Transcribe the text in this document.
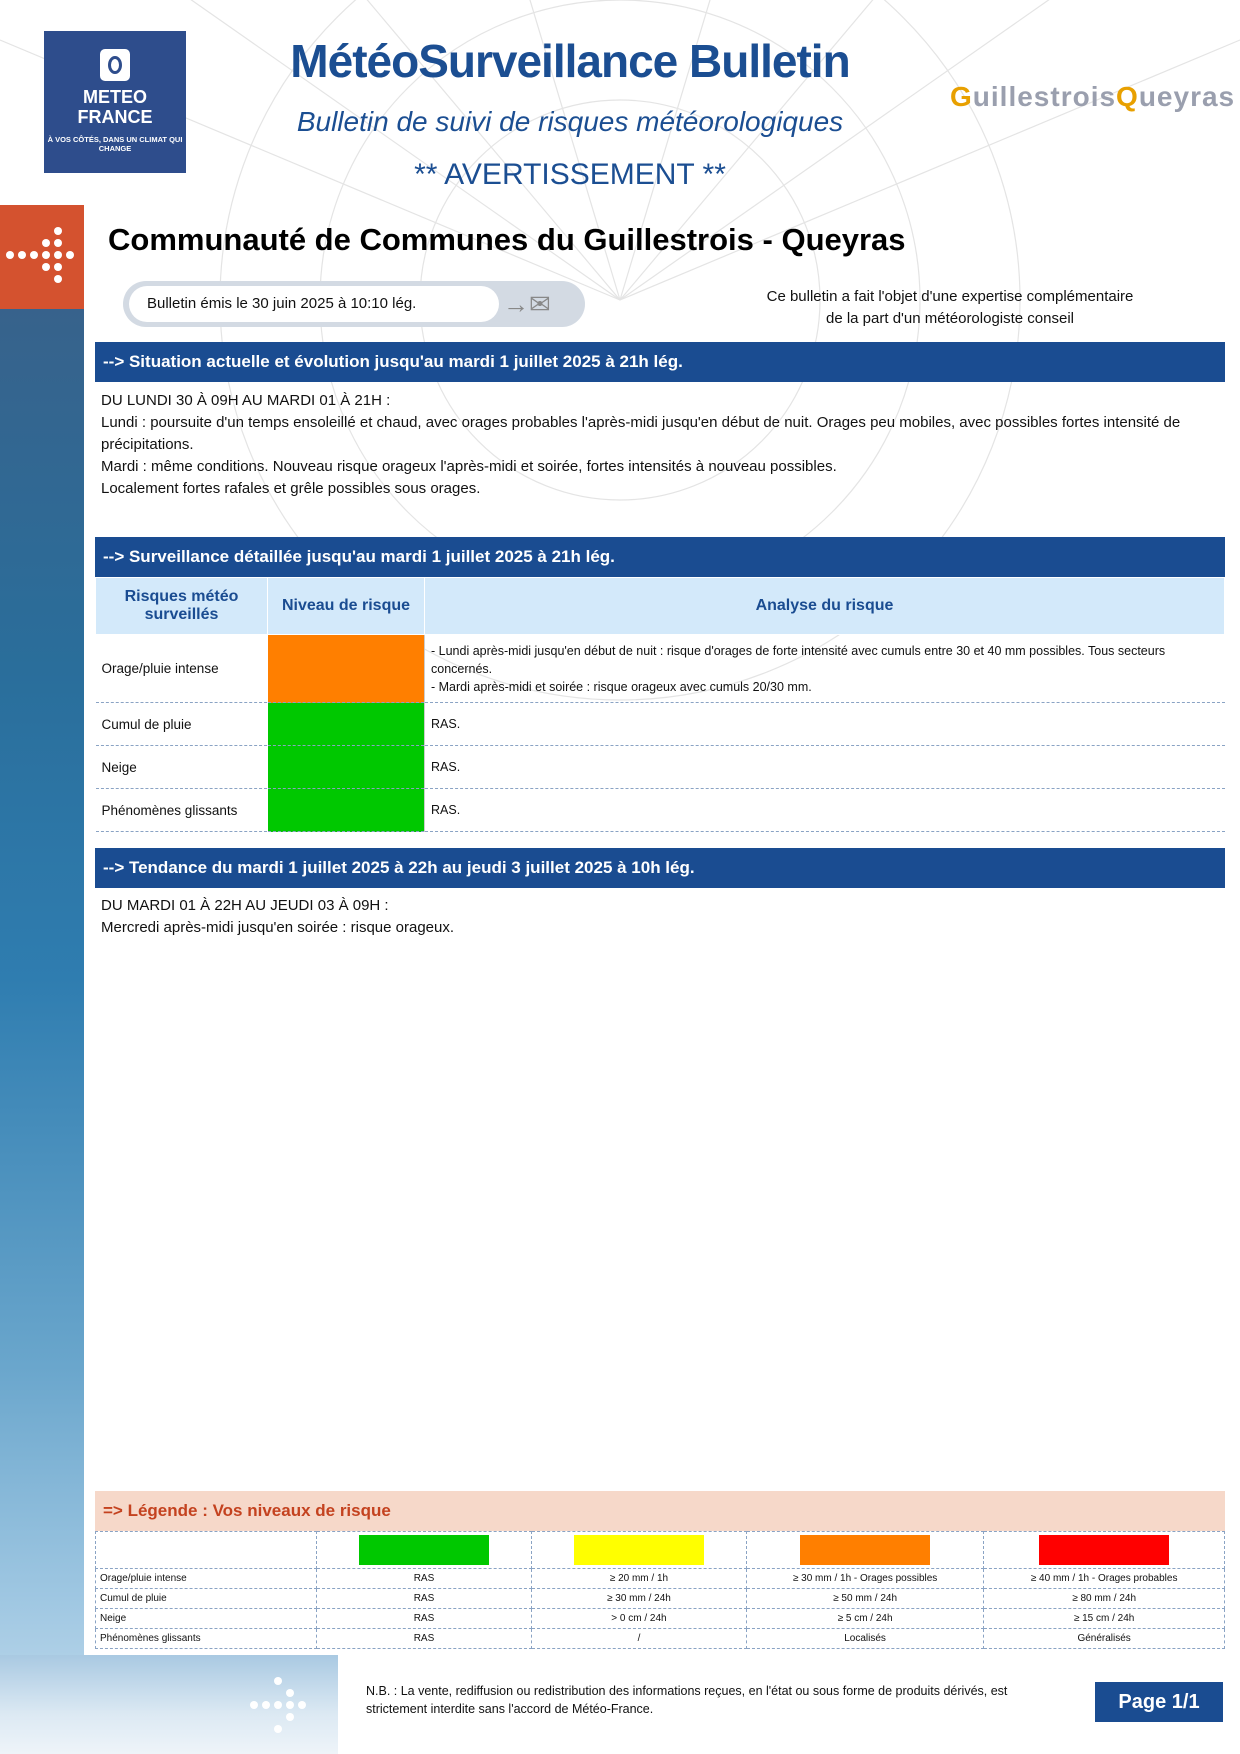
METEO
FRANCE
À VOS CÔTÉS, DANS UN CLIMAT QUI CHANGE
MétéoSurveillance Bulletin
Bulletin de suivi de risques météorologiques
** AVERTISSEMENT **
GuillestroisQueyras
Communauté de Communes du Guillestrois - Queyras
Bulletin émis le 30 juin 2025 à 10:10 lég.	→✉	Ce bulletin a fait l'objet d'une expertise complémentaire
de la part d'un météorologiste conseil
--> Situation actuelle et évolution jusqu'au mardi 1 juillet 2025 à 21h lég.
DU LUNDI 30 À 09H AU MARDI 01 À 21H :
Lundi : poursuite d'un temps ensoleillé et chaud, avec orages probables l'après-midi jusqu'en début de nuit. Orages peu mobiles, avec possibles fortes intensité de précipitations.
Mardi : même conditions. Nouveau risque orageux l'après-midi et soirée, fortes intensités à nouveau possibles.
Localement fortes rafales et grêle possibles sous orages.
--> Surveillance détaillée jusqu'au mardi 1 juillet 2025 à 21h lég.
Risques météo surveillés	Niveau de risque	Analyse du risque
Orage/pluie intense		- Lundi après-midi jusqu'en début de nuit : risque d'orages de forte intensité avec cumuls entre 30 et 40 mm possibles. Tous secteurs concernés.
- Mardi après-midi et soirée : risque orageux avec cumuls 20/30 mm.

Cumul de pluie		RAS.
Neige		RAS.
Phénomènes glissants		RAS.
--> Tendance du mardi 1 juillet 2025 à 22h au jeudi 3 juillet 2025 à 10h lég.
DU MARDI 01 À 22H AU JEUDI 03 À 09H :
Mercredi après-midi jusqu'en soirée : risque orageux.
=> Légende : Vos niveaux de risque

Orage/pluie intense	RAS	≥ 20 mm / 1h	≥ 30 mm / 1h - Orages possibles	≥ 40 mm / 1h - Orages probables
Cumul de pluie	RAS	≥ 30 mm / 24h	≥ 50 mm / 24h	≥ 80 mm / 24h
Neige	RAS	> 0 cm / 24h	≥ 5 cm / 24h	≥ 15 cm / 24h
Phénomènes glissants	RAS	/	Localisés	Généralisés
N.B. : La vente, rediffusion ou redistribution des informations reçues, en l'état ou sous forme de produits dérivés, est strictement interdite sans l'accord de Météo-France.	Page 1/1
